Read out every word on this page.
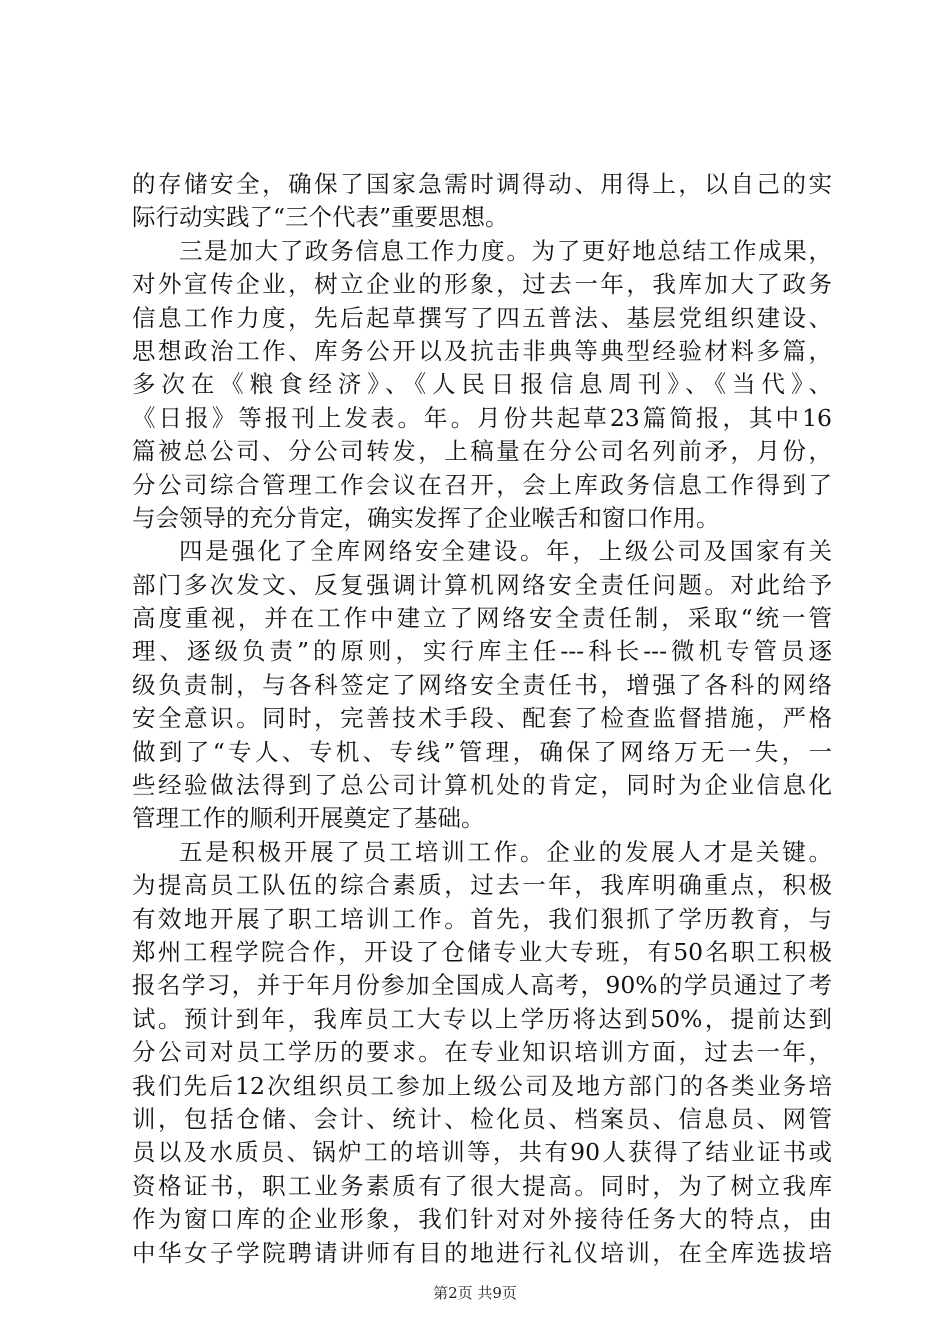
的存储安全，确保了国家急需时调得动、用得上，以自己的实
际行动实践了“三个代表”重要思想。
三是加大了政务信息工作力度。为了更好地总结工作成果，
对外宣传企业，树立企业的形象，过去一年，我库加大了政务
信息工作力度，先后起草撰写了四五普法、基层党组织建设、
思想政治工作、库务公开以及抗击非典等典型经验材料多篇，
多次在《粮食经济》、《人民日报信息周刊》、《当代》、
《日报》等报刊上发表。年。月份共起草23篇简报，其中16
篇被总公司、分公司转发，上稿量在分公司名列前矛，月份，
分公司综合管理工作会议在召开，会上库政务信息工作得到了
与会领导的充分肯定，确实发挥了企业喉舌和窗口作用。
四是强化了全库网络安全建设。年，上级公司及国家有关
部门多次发文、反复强调计算机网络安全责任问题。对此给予
高度重视，并在工作中建立了网络安全责任制，采取“统一管
理、逐级负责”的原则，实行库主任---科长---微机专管员逐
级负责制，与各科签定了网络安全责任书，增强了各科的网络
安全意识。同时，完善技术手段、配套了检查监督措施，严格
做到了“专人、专机、专线”管理，确保了网络万无一失，一
些经验做法得到了总公司计算机处的肯定，同时为企业信息化
管理工作的顺利开展奠定了基础。
五是积极开展了员工培训工作。企业的发展人才是关键。
为提高员工队伍的综合素质，过去一年，我库明确重点，积极
有效地开展了职工培训工作。首先，我们狠抓了学历教育，与
郑州工程学院合作，开设了仓储专业大专班，有50名职工积极
报名学习，并于年月份参加全国成人高考，90%的学员通过了考
试。预计到年，我库员工大专以上学历将达到50%，提前达到
分公司对员工学历的要求。在专业知识培训方面，过去一年，
我们先后12次组织员工参加上级公司及地方部门的各类业务培
训，包括仓储、会计、统计、检化员、档案员、信息员、网管
员以及水质员、锅炉工的培训等，共有90人获得了结业证书或
资格证书，职工业务素质有了很大提高。同时，为了树立我库
作为窗口库的企业形象，我们针对对外接待任务大的特点，由
中华女子学院聘请讲师有目的地进行礼仪培训，在全库选拔培
第2页 共9页
